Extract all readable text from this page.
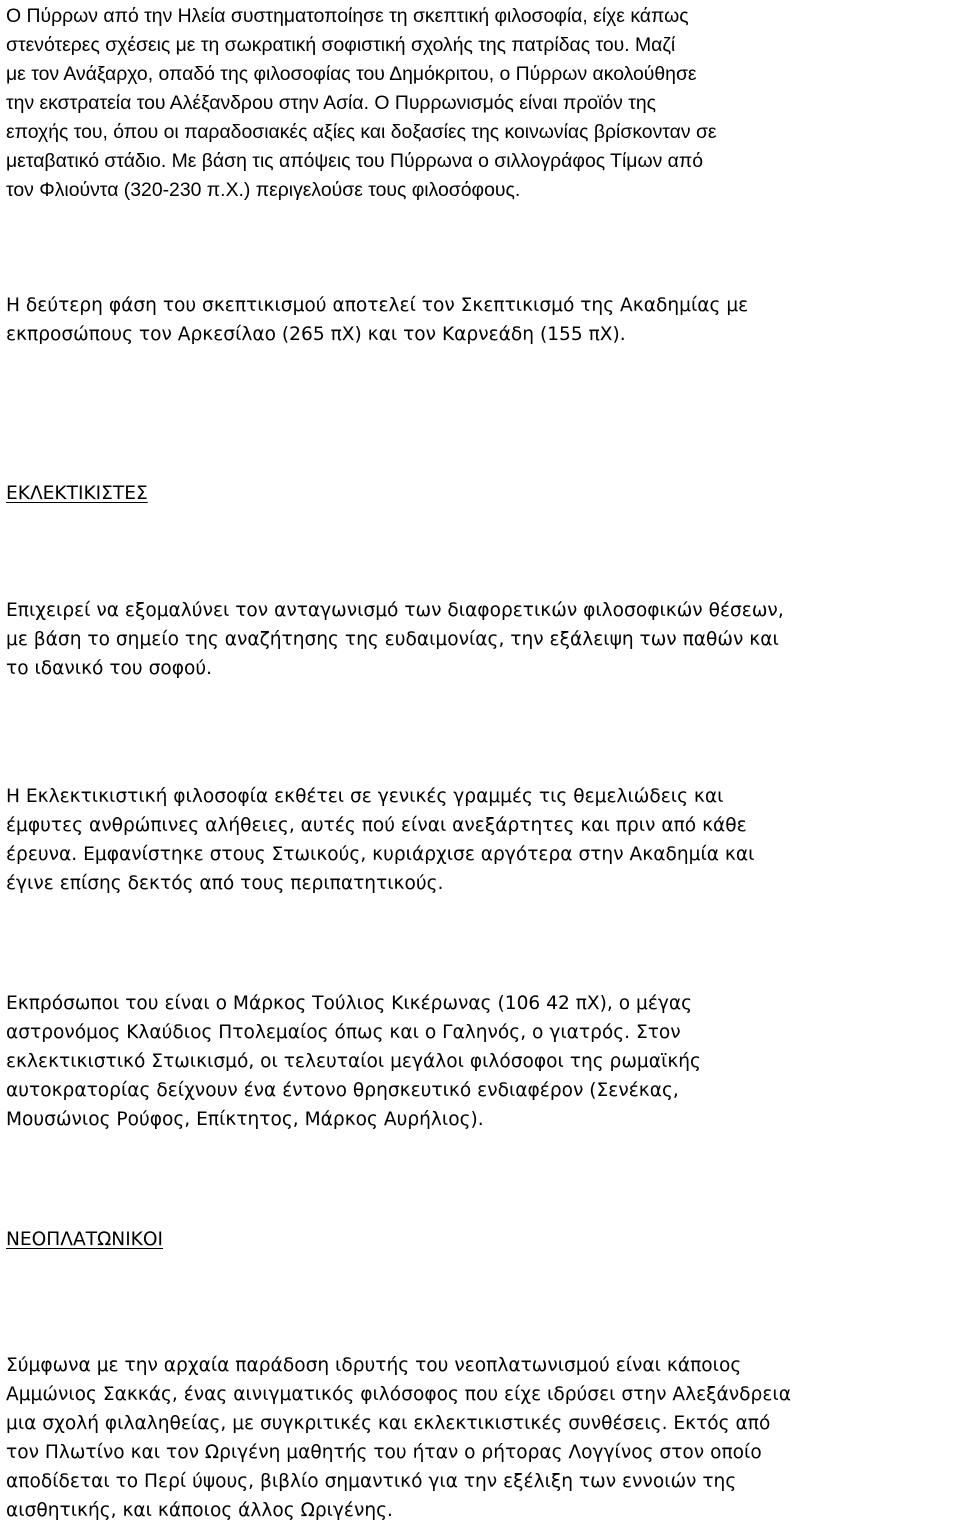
Ο Πύρρων από την Ηλεία συστηματοποίησε τη σκεπτική φιλοσοφία, είχε κάπως
στενότερες σχέσεις με τη σωκρατική σοφιστική σχολής της πατρίδας του. Μαζί
με τον Ανάξαρχο, οπαδό της φιλοσοφίας του Δημόκριτου, ο Πύρρων ακολούθησε
την εκστρατεία του Αλέξανδρου στην Ασία. Ο Πυρρωνισμός είναι προϊόν της
εποχής του, όπου οι παραδοσιακές αξίες και δοξασίες της κοινωνίας βρίσκονταν σε
μεταβατικό στάδιο. Με βάση τις απόψεις του Πύρρωνα ο σιλλογράφος Τίμων από
τον Φλιούντα (320-230 π.Χ.) περιγελούσε τους φιλοσόφους.

Η δεύτερη φάση του σκεπτικισμού αποτελεί τον Σκεπτικισμό της Ακαδημίας με
εκπροσώπους τον Αρκεσίλαο (265 πΧ) και τον Καρνεάδη (155 πΧ).

ΕΚΛΕΚΤΙΚΙΣΤΕΣ

Επιχειρεί να εξομαλύνει τον ανταγωνισμό των διαφορετικών φιλοσοφικών θέσεων,
με βάση το σημείο της αναζήτησης της ευδαιμονίας, την εξάλειψη των παθών και
το ιδανικό του σοφού.

Η Εκλεκτικιστική φιλοσοφία εκθέτει σε γενικές γραμμές τις θεμελιώδεις και
έμφυτες ανθρώπινες αλήθειες, αυτές πού είναι ανεξάρτητες και πριν από κάθε
έρευνα. Εμφανίστηκε στους Στωικούς, κυριάρχισε αργότερα στην Ακαδημία και
έγινε επίσης δεκτός από τους περιπατητικούς.

Εκπρόσωποι του είναι ο Μάρκος Τούλιος Κικέρωνας (106 42 πΧ), ο μέγας
αστρονόμος Κλαύδιος Πτολεμαίος όπως και ο Γαληνός, ο γιατρός. Στον
εκλεκτικιστικό Στωικισμό, οι τελευταίοι μεγάλοι φιλόσοφοι της ρωμαϊκής
αυτοκρατορίας δείχνουν ένα έντονο θρησκευτικό ενδιαφέρον (Σενέκας,
Μουσώνιος Ρούφος, Επίκτητος, Μάρκος Αυρήλιος).

ΝΕΟΠΛΑΤΩΝΙΚΟΙ

Σύμφωνα με την αρχαία παράδοση ιδρυτής του νεοπλατωνισμού είναι κάποιος
Αμμώνιος Σακκάς, ένας αινιγματικός φιλόσοφος που είχε ιδρύσει στην Αλεξάνδρεια
μια σχολή φιλαληθείας, με συγκριτικές και εκλεκτικιστικές συνθέσεις. Εκτός από
τον Πλωτίνο και τον Ωριγένη μαθητής του ήταν ο ρήτορας Λογγίνος στον οποίο
αποδίδεται το Περί ύψους, βιβλίο σημαντικό για την εξέλιξη των εννοιών της
αισθητικής, και κάποιος άλλος Ωριγένης.
